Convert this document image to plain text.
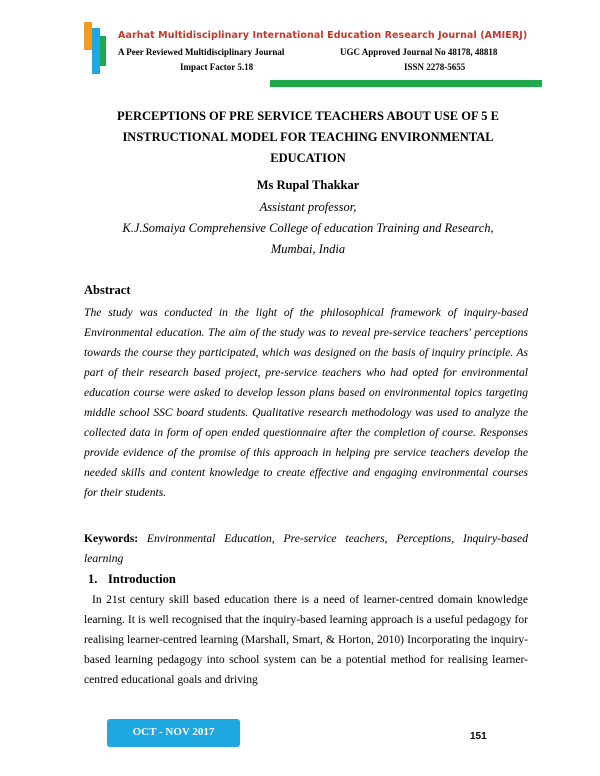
Aarhat Multidisciplinary International Education Research Journal (AMIERJ)
A Peer Reviewed Multidisciplinary Journal	UGC Approved Journal No 48178, 48818
Impact Factor 5.18	ISSN 2278-5655
PERCEPTIONS OF PRE SERVICE TEACHERS ABOUT USE OF 5 E
INSTRUCTIONAL MODEL FOR TEACHING ENVIRONMENTAL
EDUCATION
Ms Rupal Thakkar
Assistant professor,
K.J.Somaiya Comprehensive College of education Training and Research,
Mumbai, India
Abstract
The study was conducted in the light of the philosophical framework of inquiry-based Environmental education. The aim of the study was to reveal pre-service teachers' perceptions towards the course they participated, which was designed on the basis of inquiry principle. As part of their research based project, pre-service teachers who had opted for environmental education course were asked to develop lesson plans based on environmental topics targeting middle school SSC board students. Qualitative research methodology was used to analyze the collected data in form of open ended questionnaire after the completion of course. Responses provide evidence of the promise of this approach in helping pre service teachers develop the needed skills and content knowledge to create effective and engaging environmental courses for their students.
Keywords: Environmental Education, Pre-service teachers, Perceptions, Inquiry-based learning
1. Introduction
In 21st century skill based education there is a need of learner-centred domain knowledge learning. It is well recognised that the inquiry-based learning approach is a useful pedagogy for realising learner-centred learning (Marshall, Smart, & Horton, 2010) Incorporating the inquiry-based learning pedagogy into school system can be a potential method for realising learner-centred educational goals and driving
OCT - NOV 2017	151
